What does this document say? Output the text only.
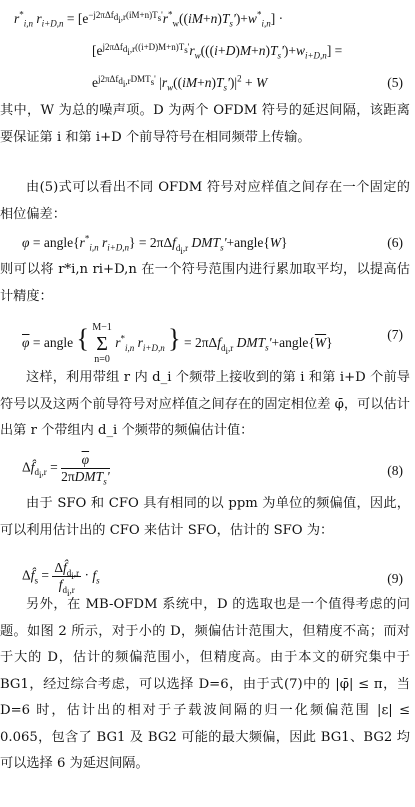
$r^*_{i,n}$ $r_{i+D,n} = [e^{-j2\pi\Delta f_{d_i,r}(iM+n)T_s'}r^*_w((iM+n)T_s')+w^*_{i,n}]$ ·
$[e^{j2\pi\Delta f_{d_i,r}((i+D)M+n)T_s'}r_w(((i+D)M+n)T_s')+w_{i+D,n}]$ =
$e^{j2\pi\Delta f_{d_i,r}DMT_s'}$ $|r_w((iM+n)T_s')|^2 + W$	(5)

其中，W 为总的噪声项。D 为两个 OFDM 符号的延迟间隔，该距离要保证第 i 和第 i+D 个前导符号在相同频带上传输。

由(5)式可以看出不同 OFDM 符号对应样值之间存在一个固定的相位偏差：

$\varphi = angle\{r^*_{i,n}$ $r_{i+D,n}\} = 2\pi\Delta f_{d_i,r}$ $DMT_s'+angle\{W\}$	(6)

则可以将 r*i,n ri+D,n 在一个符号范围内进行累加取平均，以提高估计精度：

$\overline{\varphi}$ = angle { M−1
Σ
n=0 $r^*_{i,n}$ $r_{i+D,n}$ } = 2πΔf$_{d_i,r}$ $DMT_s'+angle\{\overline{W}\}$
(7)

这样，利用带组 r 内 d_i 个频带上接收到的第 i 和第 i+D 个前导符号以及这两个前导符号对应样值之间存在的固定相位差 φ̄，可以估计出第 r 个带组内 d_i 个频带的频偏估计值：

$\Delta f̂_{d_i,r} = \frac{\overline{\varphi}}{2\pi DMT_s'}$	(8)

由于 SFO 和 CFO 具有相同的以 ppm 为单位的频偏值，因此，可以利用估计出的 CFO 来估计 SFO，估计的 SFO 为：

$\Delta f̂_s = \frac{\Delta f̂_{d_i,r}}{f_{d_i,r}} \cdot f_s$	(9)

另外，在 MB-OFDM 系统中，D 的选取也是一个值得考虑的问题。如图 2 所示，对于小的 D，频偏估计范围大，但精度不高；而对于大的 D，估计的频偏范围小，但精度高。由于本文的研究集中于 BG1，经过综合考虑，可以选择 D=6，由于式(7)中的 |φ̄| ≤ π，当 D=6 时，估计出的相对于子载波间隔的归一化频偏范围 |ε| ≤ 0.065，包含了 BG1 及 BG2 可能的最大频偏，因此 BG1、BG2 均可以选择 6 为延迟间隔。
